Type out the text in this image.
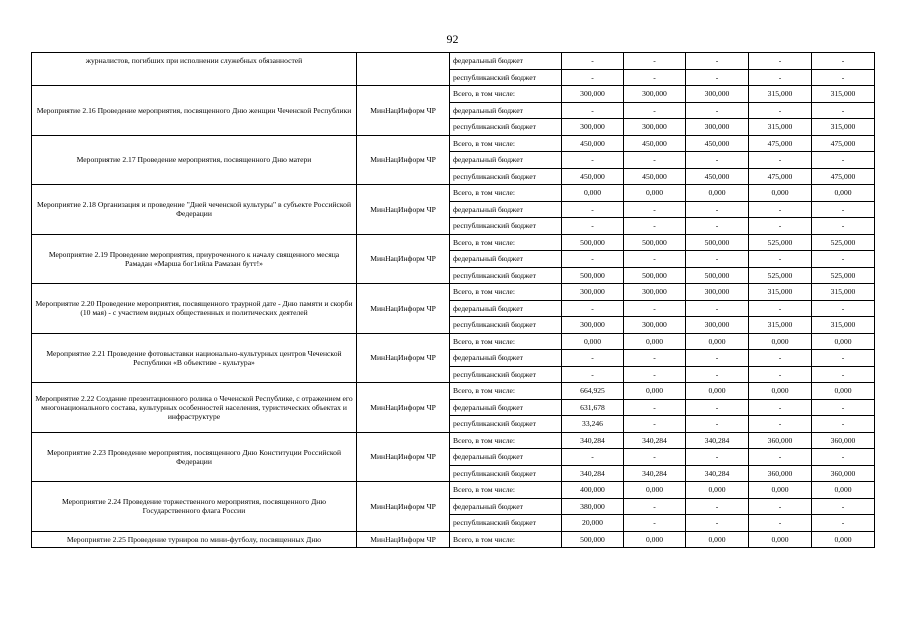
92
журналистов, погибших при исполнении служебных обязанностей		федеральный бюджет	-	-	-	-	-
		республиканский бюджет	-	-	-	-	-
Мероприятие 2.16 Проведение мероприятия, посвященного Дню женщин Чеченской Республики	МинНацИнформ ЧР	Всего, в том числе:	300,000	300,000	300,000	315,000	315,000
		федеральный бюджет	-	-	-	-	-
		республиканский бюджет	300,000	300,000	300,000	315,000	315,000
Мероприятие 2.17 Проведение мероприятия, посвященного Дню матери	МинНацИнформ ЧР	Всего, в том числе:	450,000	450,000	450,000	475,000	475,000
		федеральный бюджет	-	-	-	-	-
		республиканский бюджет	450,000	450,000	450,000	475,000	475,000
Мероприятие 2.18 Организация и проведение "Дней чеченской культуры" в субъекте Российской Федерации	МинНацИнформ ЧР	Всего, в том числе:	0,000	0,000	0,000	0,000	0,000
		федеральный бюджет	-	-	-	-	-
		республиканский бюджет	-	-	-	-	-
Мероприятие 2.19 Проведение мероприятия, приуроченного к началу священного месяца Рамадан «Марша бог1ийла Рамазан бутт!»	МинНацИнформ ЧР	Всего, в том числе:	500,000	500,000	500,000	525,000	525,000
		федеральный бюджет	-	-	-	-	-
		республиканский бюджет	500,000	500,000	500,000	525,000	525,000
Мероприятие 2.20 Проведение мероприятия, посвященного траурной дате - Дню памяти и скорби (10 мая) - с участием видных общественных и политических деятелей	МинНацИнформ ЧР	Всего, в том числе:	300,000	300,000	300,000	315,000	315,000
		федеральный бюджет	-	-	-	-	-
		республиканский бюджет	300,000	300,000	300,000	315,000	315,000
Мероприятие 2.21 Проведение фотовыставки национально-культурных центров Чеченской Республики «В объективе - культура»	МинНацИнформ ЧР	Всего, в том числе:	0,000	0,000	0,000	0,000	0,000
		федеральный бюджет	-	-	-	-	-
		республиканский бюджет	-	-	-	-	-
Мероприятие 2.22 Создание презентационного ролика о Чеченской Республике, с отражением его многонационального состава, культурных особенностей населения, туристических объектах и инфраструктуре	МинНацИнформ ЧР	Всего, в том числе:	664,925	0,000	0,000	0,000	0,000
		федеральный бюджет	631,678	-	-	-	-
		республиканский бюджет	33,246	-	-	-	-
Мероприятие 2.23 Проведение мероприятия, посвященного Дню Конституции Российской Федерации	МинНацИнформ ЧР	Всего, в том числе:	340,284	340,284	340,284	360,000	360,000
		федеральный бюджет	-	-	-	-	-
		республиканский бюджет	340,284	340,284	340,284	360,000	360,000
Мероприятие 2.24 Проведение торжественного мероприятия, посвященного Дню Государственного флага России	МинНацИнформ ЧР	Всего, в том числе:	400,000	0,000	0,000	0,000	0,000
		федеральный бюджет	380,000	-	-	-	-
		республиканский бюджет	20,000	-	-	-	-
Мероприятие 2.25 Проведение турниров по мини-футболу, посвященных Дню	МинНацИнформ ЧР	Всего, в том числе:	500,000	0,000	0,000	0,000	0,000
